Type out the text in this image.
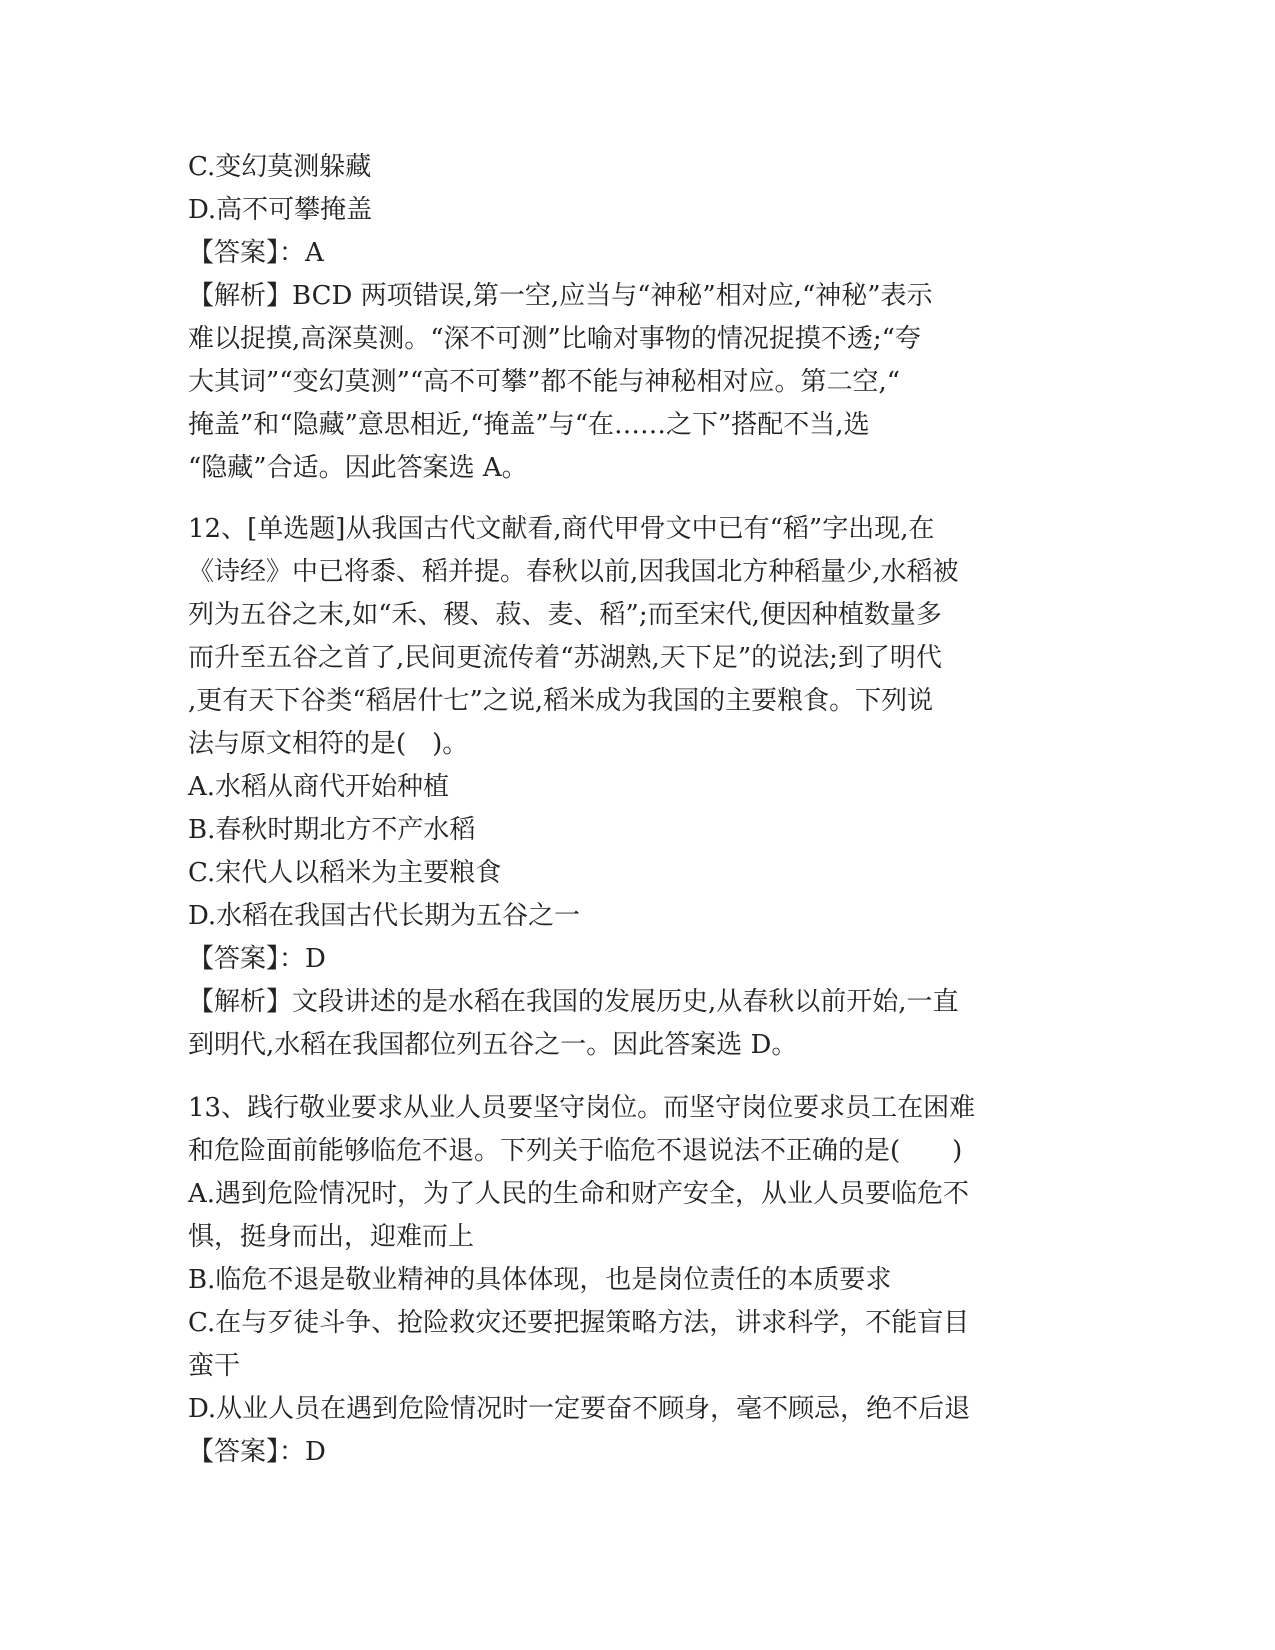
C.变幻莫测躲藏

D.高不可攀掩盖

【答案】：A

【解析】BCD 两项错误,第一空,应当与“神秘”相对应,“神秘”表示

难以捉摸,高深莫测。“深不可测”比喻对事物的情况捉摸不透;“夸

大其词”“变幻莫测”“高不可攀”都不能与神秘相对应。第二空,“

掩盖”和“隐藏”意思相近,“掩盖”与“在……之下”搭配不当,选

“隐藏”合适。因此答案选 A。

12、[单选题]从我国古代文献看,商代甲骨文中已有“稻”字出现,在

《诗经》中已将黍、稻并提。春秋以前,因我国北方种稻量少,水稻被

列为五谷之末,如“禾、稷、菽、麦、稻”;而至宋代,便因种植数量多

而升至五谷之首了,民间更流传着“苏湖熟,天下足”的说法;到了明代

,更有天下谷类“稻居什七”之说,稻米成为我国的主要粮食。下列说

法与原文相符的是(　)。

A.水稻从商代开始种植

B.春秋时期北方不产水稻

C.宋代人以稻米为主要粮食

D.水稻在我国古代长期为五谷之一

【答案】：D

【解析】文段讲述的是水稻在我国的发展历史,从春秋以前开始,一直

到明代,水稻在我国都位列五谷之一。因此答案选 D。

13、践行敬业要求从业人员要坚守岗位。而坚守岗位要求员工在困难

和危险面前能够临危不退。下列关于临危不退说法不正确的是(　　)

A.遇到危险情况时，为了人民的生命和财产安全，从业人员要临危不

惧，挺身而出，迎难而上

B.临危不退是敬业精神的具体体现，也是岗位责任的本质要求

C.在与歹徒斗争、抢险救灾还要把握策略方法，讲求科学，不能盲目

蛮干

D.从业人员在遇到危险情况时一定要奋不顾身，毫不顾忌，绝不后退

【答案】：D
